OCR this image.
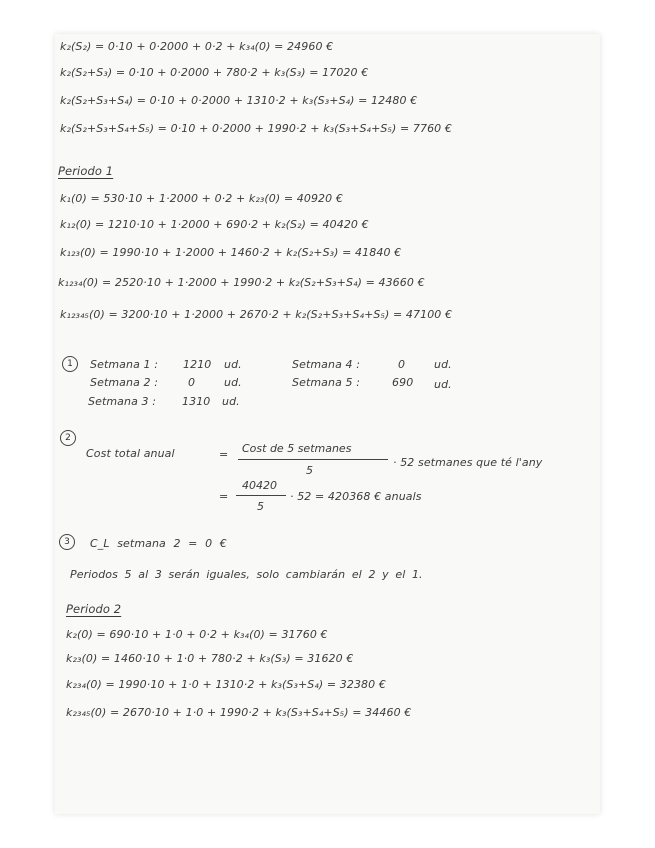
k₂(S₂) = 0·10 + 0·2000 + 0·2 + k₃₄(0) = 24960 €
k₂(S₂+S₃) = 0·10 + 0·2000 + 780·2 + k₃(S₃) = 17020 €
k₂(S₂+S₃+S₄) = 0·10 + 0·2000 + 1310·2 + k₃(S₃+S₄) = 12480 €
k₂(S₂+S₃+S₄+S₅) = 0·10 + 0·2000 + 1990·2 + k₃(S₃+S₄+S₅) = 7760 €
Periodo 1
k₁(0) = 530·10 + 1·2000 + 0·2 + k₂₃(0) = 40920 €
k₁₂(0) = 1210·10 + 1·2000 + 690·2 + k₂(S₂) = 40420 €
k₁₂₃(0) = 1990·10 + 1·2000 + 1460·2 + k₂(S₂+S₃) = 41840 €
k₁₂₃₄(0) = 2520·10 + 1·2000 + 1990·2 + k₂(S₂+S₃+S₄) = 43660 €
k₁₂₃₄₅(0) = 3200·10 + 1·2000 + 2670·2 + k₂(S₂+S₃+S₄+S₅) = 47100 €
1	Setmana 1 : 1210 ud.
Setmana 2 :	0	ud.
Setmana 3 : 1310 ud.
Setmana 4 :	0	ud.
Setmana 5 :	690 ud.
2
Cost total anual	= Cost de 5 setmanes
5
· 52 setmanes que té l'any
=
40420
5
· 52 = 420368 € anuals
3	C_L setmana 2 = 0 €
Periodos 5 al 3 serán iguales, solo cambiarán el 2 y el 1.
Periodo 2
k₂(0) = 690·10 + 1·0 + 0·2 + k₃₄(0) = 31760 €
k₂₃(0) = 1460·10 + 1·0 + 780·2 + k₃(S₃) = 31620 €
k₂₃₄(0) = 1990·10 + 1·0 + 1310·2 + k₃(S₃+S₄) = 32380 €
k₂₃₄₅(0) = 2670·10 + 1·0 + 1990·2 + k₃(S₃+S₄+S₅) = 34460 €
